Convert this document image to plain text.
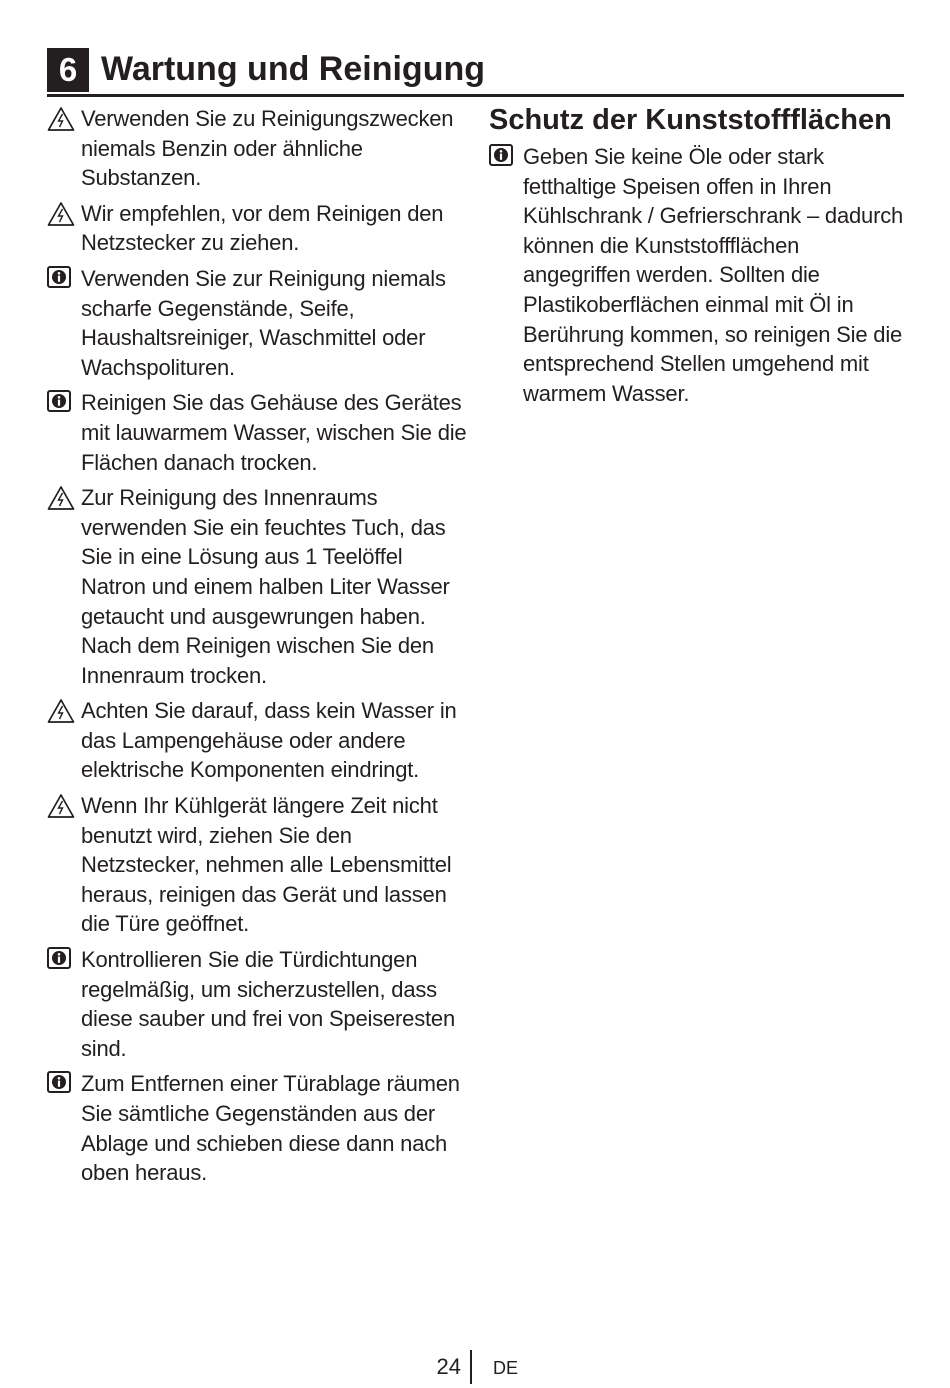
6 Wartung und Reinigung
Verwenden Sie zu Reinigungszwecken niemals Benzin oder ähnliche Substanzen.
Wir empfehlen, vor dem Reinigen den Netzstecker zu ziehen.
Verwenden Sie zur Reinigung niemals scharfe Gegenstände, Seife, Haushaltsreiniger, Waschmittel oder Wachspolituren.
Reinigen Sie das Gehäuse des Gerätes mit lauwarmem Wasser, wischen Sie die Flächen danach trocken.
Zur Reinigung des Innenraums verwenden Sie ein feuchtes Tuch, das Sie in eine Lösung aus 1 Teelöffel Natron und einem halben Liter Wasser getaucht und ausgewrungen haben. Nach dem Reinigen wischen Sie den Innenraum trocken.
Achten Sie darauf, dass kein Wasser in das Lampengehäuse oder andere elektrische Komponenten eindringt.
Wenn Ihr Kühlgerät längere Zeit nicht benutzt wird, ziehen Sie den Netzstecker, nehmen alle Lebensmittel heraus, reinigen das Gerät und lassen die Türe geöffnet.
Kontrollieren Sie die Türdichtungen regelmäßig, um sicherzustellen, dass diese sauber und frei von Speiseresten sind.
Zum Entfernen einer Türablage räumen Sie sämtliche Gegenständen aus der Ablage und schieben diese dann nach oben heraus.
Schutz der Kunststoffflächen
Geben Sie keine Öle oder stark fetthaltige Speisen offen in Ihren Kühlschrank / Gefrierschrank – dadurch können die Kunststoffflächen angegriffen werden. Sollten die Plastikoberflächen einmal mit Öl in Berührung kommen, so reinigen Sie die entsprechend Stellen umgehend mit warmem Wasser.
24 DE
